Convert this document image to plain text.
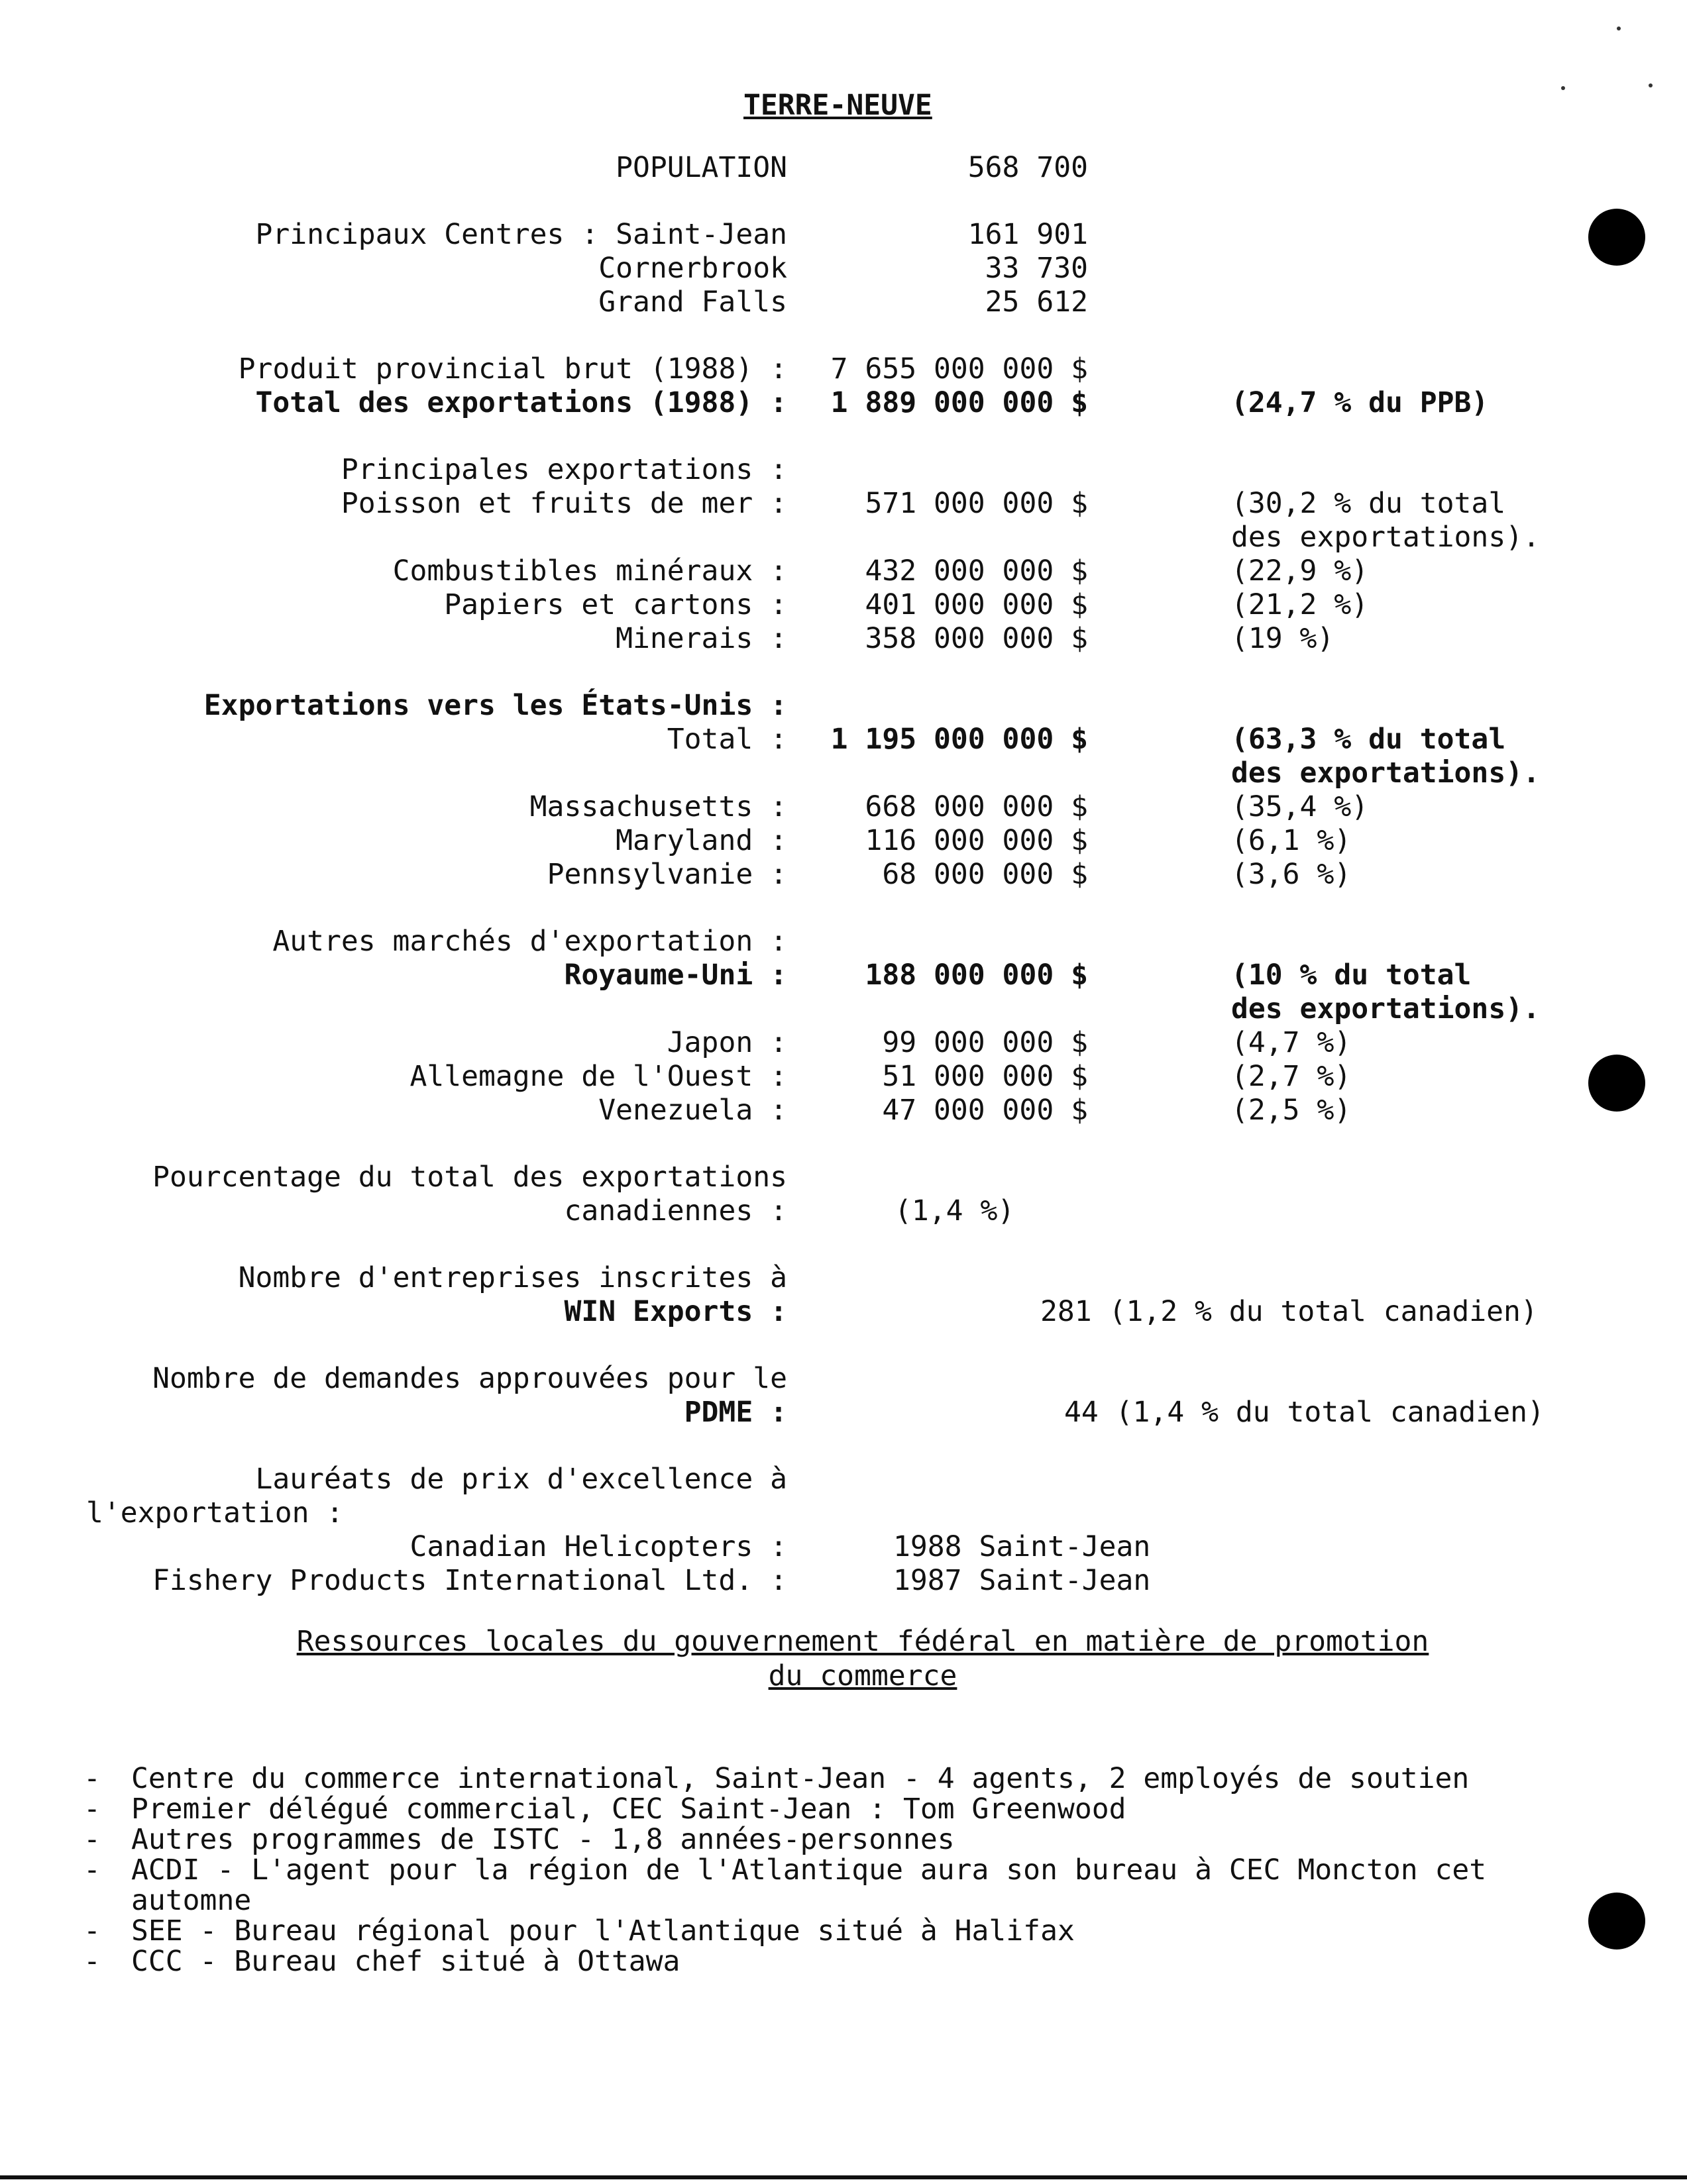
TERRE-NEUVE
POPULATION	568 700
Principaux Centres : Saint-Jean	161 901
Cornerbrook	33 730
Grand Falls	25 612
Produit provincial brut (1988) : 7 655 000 000 $
Total des exportations (1988) : 1 889 000 000 $	(24,7 % du PPB)
Principales exportations :
Poisson et fruits de mer :	571 000 000 $	(30,2 % du total
des exportations).
Combustibles minéraux :	432 000 000 $	(22,9 %)
Papiers et cartons :	401 000 000 $	(21,2 %)
Minerais :	358 000 000 $	(19 %)
Exportations vers les États-Unis :
Total : 1 195 000 000 $	(63,3 % du total
des exportations).
Massachusetts :	668 000 000 $	(35,4 %)
Maryland :	116 000 000 $	(6,1 %)
Pennsylvanie :	68 000 000 $	(3,6 %)
Autres marchés d'exportation :
Royaume-Uni :	188 000 000 $	(10 % du total
des exportations).
Japon :	99 000 000 $	(4,7 %)
Allemagne de l'Ouest :	51 000 000 $	(2,7 %)
Venezuela :	47 000 000 $	(2,5 %)
Pourcentage du total des exportations
canadiennes :	(1,4 %)
Nombre d'entreprises inscrites à
WIN Exports :	281 (1,2 % du total canadien)
Nombre de demandes approuvées pour le
PDME :	44 (1,4 % du total canadien)
Lauréats de prix d'excellence à
l'exportation :
Canadian Helicopters :	1988 Saint-Jean
Fishery Products International Ltd. :	1987 Saint-Jean
Ressources locales du gouvernement fédéral en matière de promotion
du commerce
- Centre du commerce international, Saint-Jean - 4 agents, 2 employés de soutien
- Premier délégué commercial, CEC Saint-Jean : Tom Greenwood
- Autres programmes de ISTC - 1,8 années-personnes
- ACDI - L'agent pour la région de l'Atlantique aura son bureau à CEC Moncton cet automne
- SEE - Bureau régional pour l'Atlantique situé à Halifax
- CCC - Bureau chef situé à Ottawa
